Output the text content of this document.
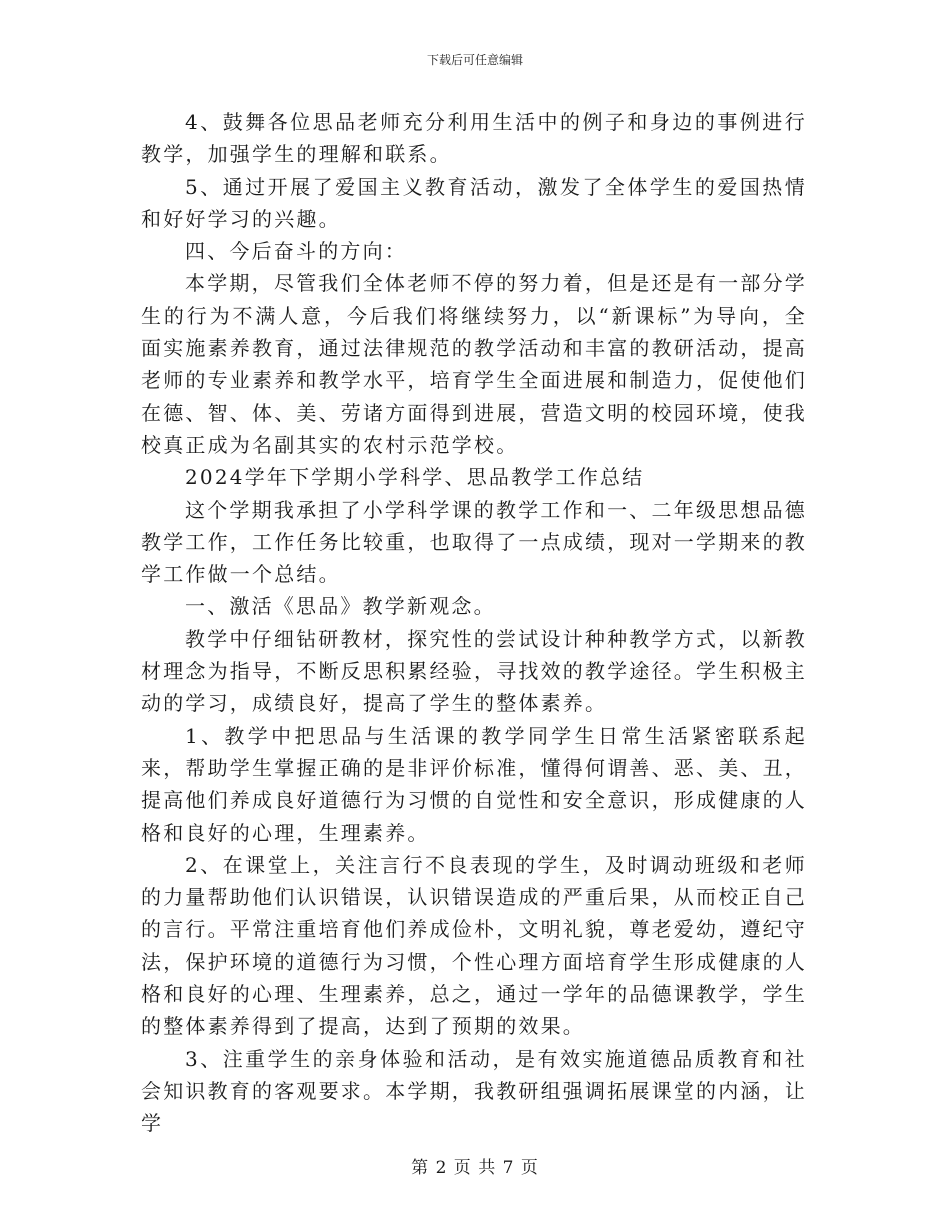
下载后可任意编辑

4、鼓舞各位思品老师充分利用生活中的例子和身边的事例进行教学，加强学生的理解和联系。

5、通过开展了爱国主义教育活动，激发了全体学生的爱国热情和好好学习的兴趣。

四、今后奋斗的方向：

本学期，尽管我们全体老师不停的努力着，但是还是有一部分学生的行为不满人意，今后我们将继续努力，以“新课标”为导向，全面实施素养教育，通过法律规范的教学活动和丰富的教研活动，提高老师的专业素养和教学水平，培育学生全面进展和制造力，促使他们在德、智、体、美、劳诸方面得到进展，营造文明的校园环境，使我校真正成为名副其实的农村示范学校。

2024学年下学期小学科学、思品教学工作总结

这个学期我承担了小学科学课的教学工作和一、二年级思想品德教学工作，工作任务比较重，也取得了一点成绩，现对一学期来的教学工作做一个总结。

一、激活《思品》教学新观念。

教学中仔细钻研教材，探究性的尝试设计种种教学方式，以新教材理念为指导，不断反思积累经验，寻找效的教学途径。学生积极主动的学习，成绩良好，提高了学生的整体素养。

1、教学中把思品与生活课的教学同学生日常生活紧密联系起来，帮助学生掌握正确的是非评价标准，懂得何谓善、恶、美、丑，提高他们养成良好道德行为习惯的自觉性和安全意识，形成健康的人格和良好的心理，生理素养。

2、在课堂上，关注言行不良表现的学生，及时调动班级和老师的力量帮助他们认识错误，认识错误造成的严重后果，从而校正自己的言行。平常注重培育他们养成俭朴，文明礼貌，尊老爱幼，遵纪守法，保护环境的道德行为习惯，个性心理方面培育学生形成健康的人格和良好的心理、生理素养，总之，通过一学年的品德课教学，学生的整体素养得到了提高，达到了预期的效果。

3、注重学生的亲身体验和活动，是有效实施道德品质教育和社会知识教育的客观要求。本学期，我教研组强调拓展课堂的内涵，让学

第 2 页 共 7 页
